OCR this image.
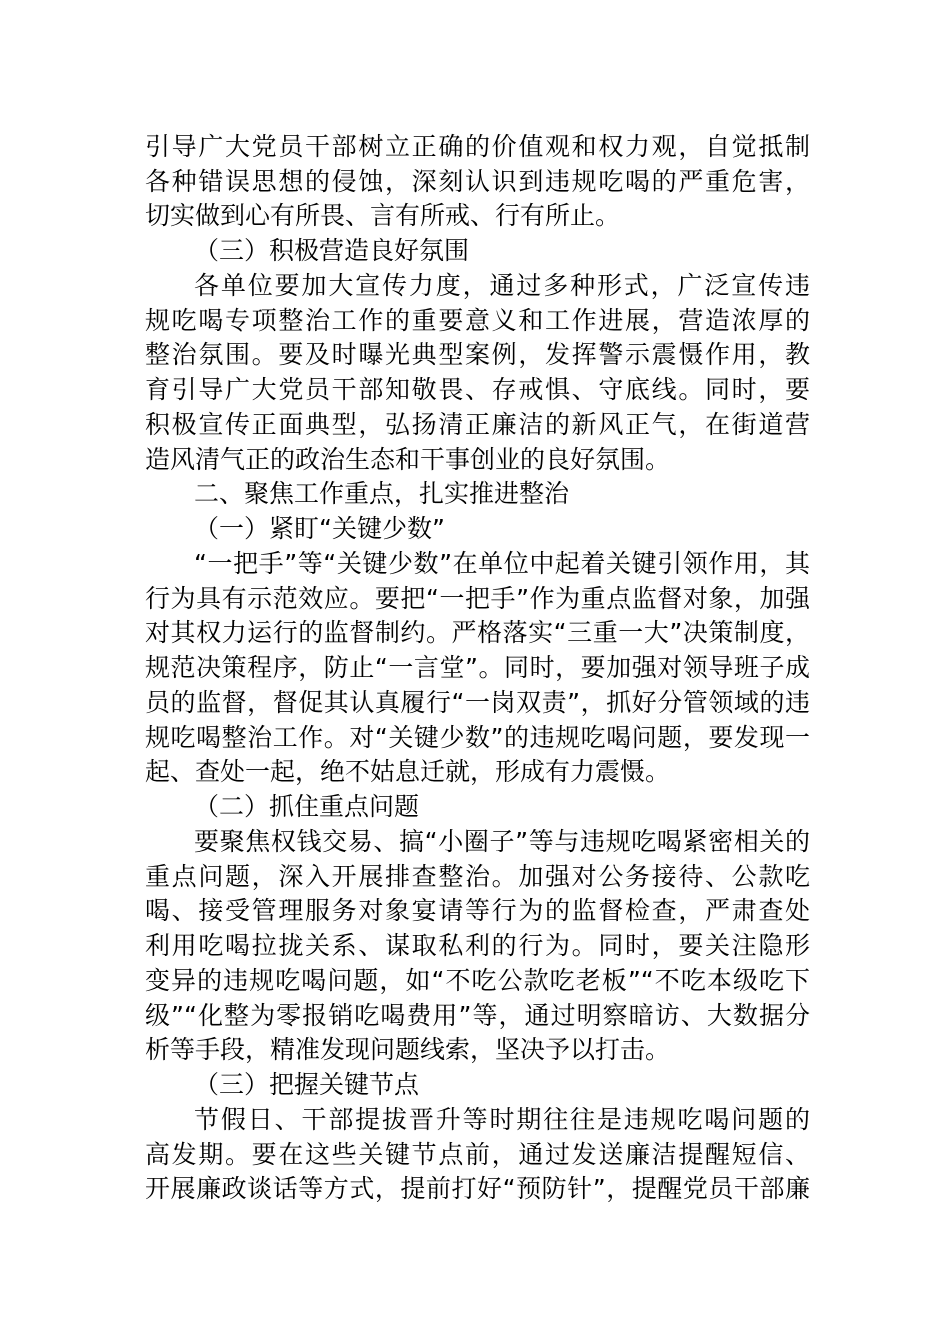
引导广大党员干部树立正确的价值观和权力观，自觉抵制
各种错误思想的侵蚀，深刻认识到违规吃喝的严重危害，
切实做到心有所畏、言有所戒、行有所止。
（三）积极营造良好氛围
各单位要加大宣传力度，通过多种形式，广泛宣传违
规吃喝专项整治工作的重要意义和工作进展，营造浓厚的
整治氛围。要及时曝光典型案例，发挥警示震慑作用，教
育引导广大党员干部知敬畏、存戒惧、守底线。同时，要
积极宣传正面典型，弘扬清正廉洁的新风正气，在街道营
造风清气正的政治生态和干事创业的良好氛围。
二、聚焦工作重点，扎实推进整治
（一）紧盯“关键少数”
“一把手”等“关键少数”在单位中起着关键引领作用，其
行为具有示范效应。要把“一把手”作为重点监督对象，加强
对其权力运行的监督制约。严格落实“三重一大”决策制度，
规范决策程序，防止“一言堂”。同时，要加强对领导班子成
员的监督，督促其认真履行“一岗双责”，抓好分管领域的违
规吃喝整治工作。对“关键少数”的违规吃喝问题，要发现一
起、查处一起，绝不姑息迁就，形成有力震慑。
（二）抓住重点问题
要聚焦权钱交易、搞“小圈子”等与违规吃喝紧密相关的
重点问题，深入开展排查整治。加强对公务接待、公款吃
喝、接受管理服务对象宴请等行为的监督检查，严肃查处
利用吃喝拉拢关系、谋取私利的行为。同时，要关注隐形
变异的违规吃喝问题，如“不吃公款吃老板”“不吃本级吃下
级”“化整为零报销吃喝费用”等，通过明察暗访、大数据分
析等手段，精准发现问题线索，坚决予以打击。
（三）把握关键节点
节假日、干部提拔晋升等时期往往是违规吃喝问题的
高发期。要在这些关键节点前，通过发送廉洁提醒短信、
开展廉政谈话等方式，提前打好“预防针”，提醒党员干部廉
